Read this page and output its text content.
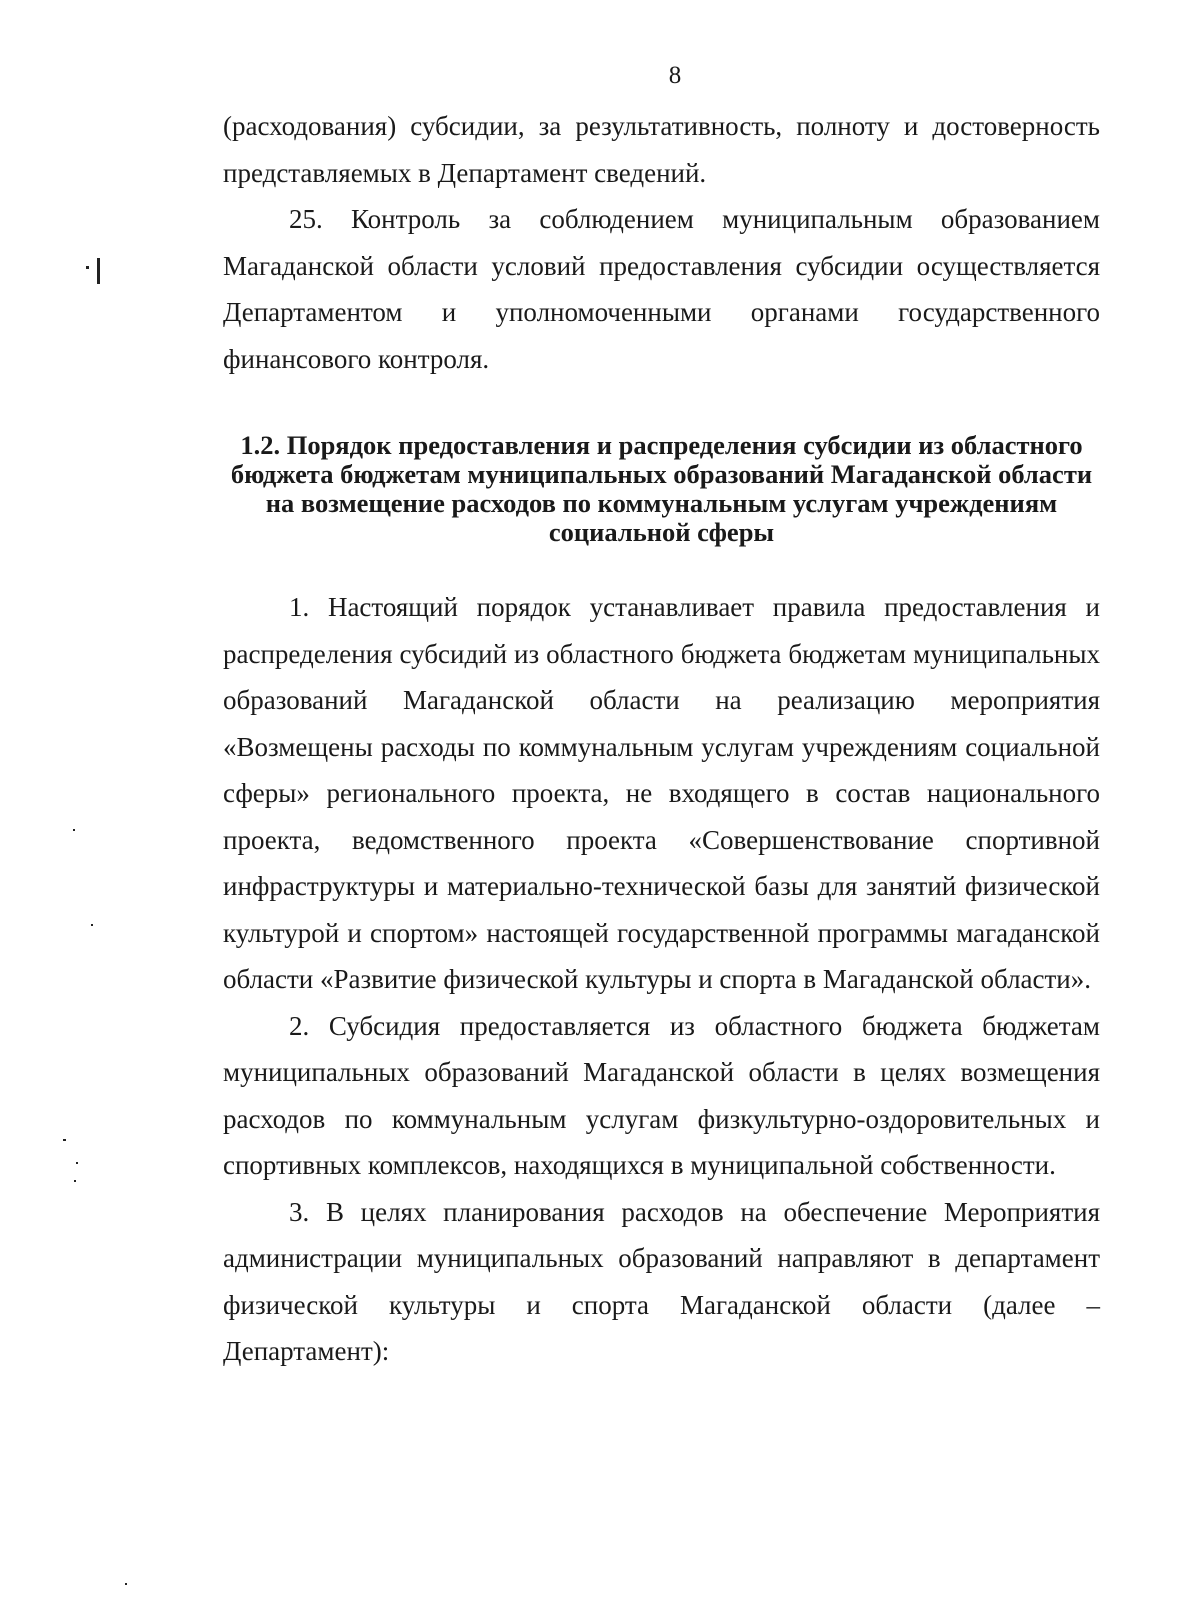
8

(расходования) субсидии, за результативность, полноту и достоверность представляемых в Департамент сведений.

25. Контроль за соблюдением муниципальным образованием Магаданской области условий предоставления субсидии осуществляется Департаментом и уполномоченными органами государственного финансового контроля.

1.2. Порядок предоставления и распределения субсидии из областного бюджета бюджетам муниципальных образований Магаданской области на возмещение расходов по коммунальным услугам учреждениям социальной сферы

1. Настоящий порядок устанавливает правила предоставления и распределения субсидий из областного бюджета бюджетам муниципальных образований Магаданской области на реализацию мероприятия «Возмещены расходы по коммунальным услугам учреждениям социальной сферы» регионального проекта, не входящего в состав национального проекта, ведомственного проекта «Совершенствование спортивной инфраструктуры и материально-технической базы для занятий физической культурой и спортом» настоящей государственной программы магаданской области «Развитие физической культуры и спорта в Магаданской области».

2. Субсидия предоставляется из областного бюджета бюджетам муниципальных образований Магаданской области в целях возмещения расходов по коммунальным услугам физкультурно-оздоровительных и спортивных комплексов, находящихся в муниципальной собственности.

3. В целях планирования расходов на обеспечение Мероприятия администрации муниципальных образований направляют в департамент физической культуры и спорта Магаданской области (далее – Департамент):
